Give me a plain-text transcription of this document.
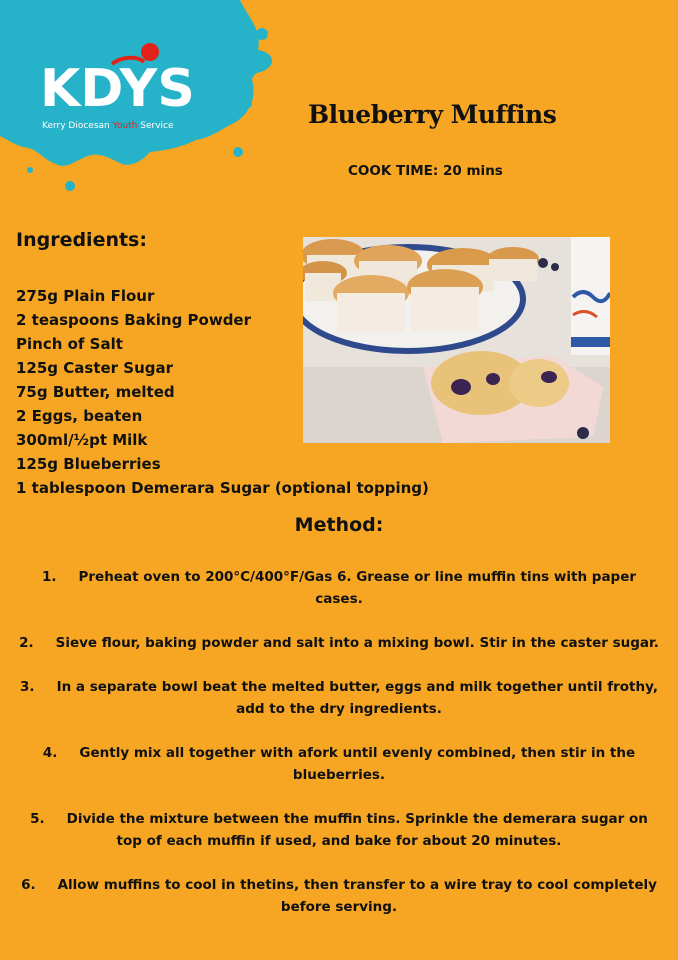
KDYS
Kerry Diocesan Youth Service	Blueberry Muffins
COOK TIME: 20 mins
Ingredients:
275g Plain Flour
2 teaspoons Baking Powder
Pinch of Salt
125g Caster Sugar
75g Butter, melted
2 Eggs, beaten
300ml/½pt Milk
125g Blueberries
1 tablespoon Demerara Sugar (optional topping)
Method:
1. Preheat oven to 200°C/400°F/Gas 6. Grease or line muffin tins with paper cases.
2. Sieve flour, baking powder and salt into a mixing bowl. Stir in the caster sugar.
3. In a separate bowl beat the melted butter, eggs and milk together until frothy, add to the dry ingredients.
4. Gently mix all together with afork until evenly combined, then stir in the blueberries.
5. Divide the mixture between the muffin tins. Sprinkle the demerara sugar on top of each muffin if used, and bake for about 20 minutes.
6. Allow muffins to cool in thetins, then transfer to a wire tray to cool completely before serving.
